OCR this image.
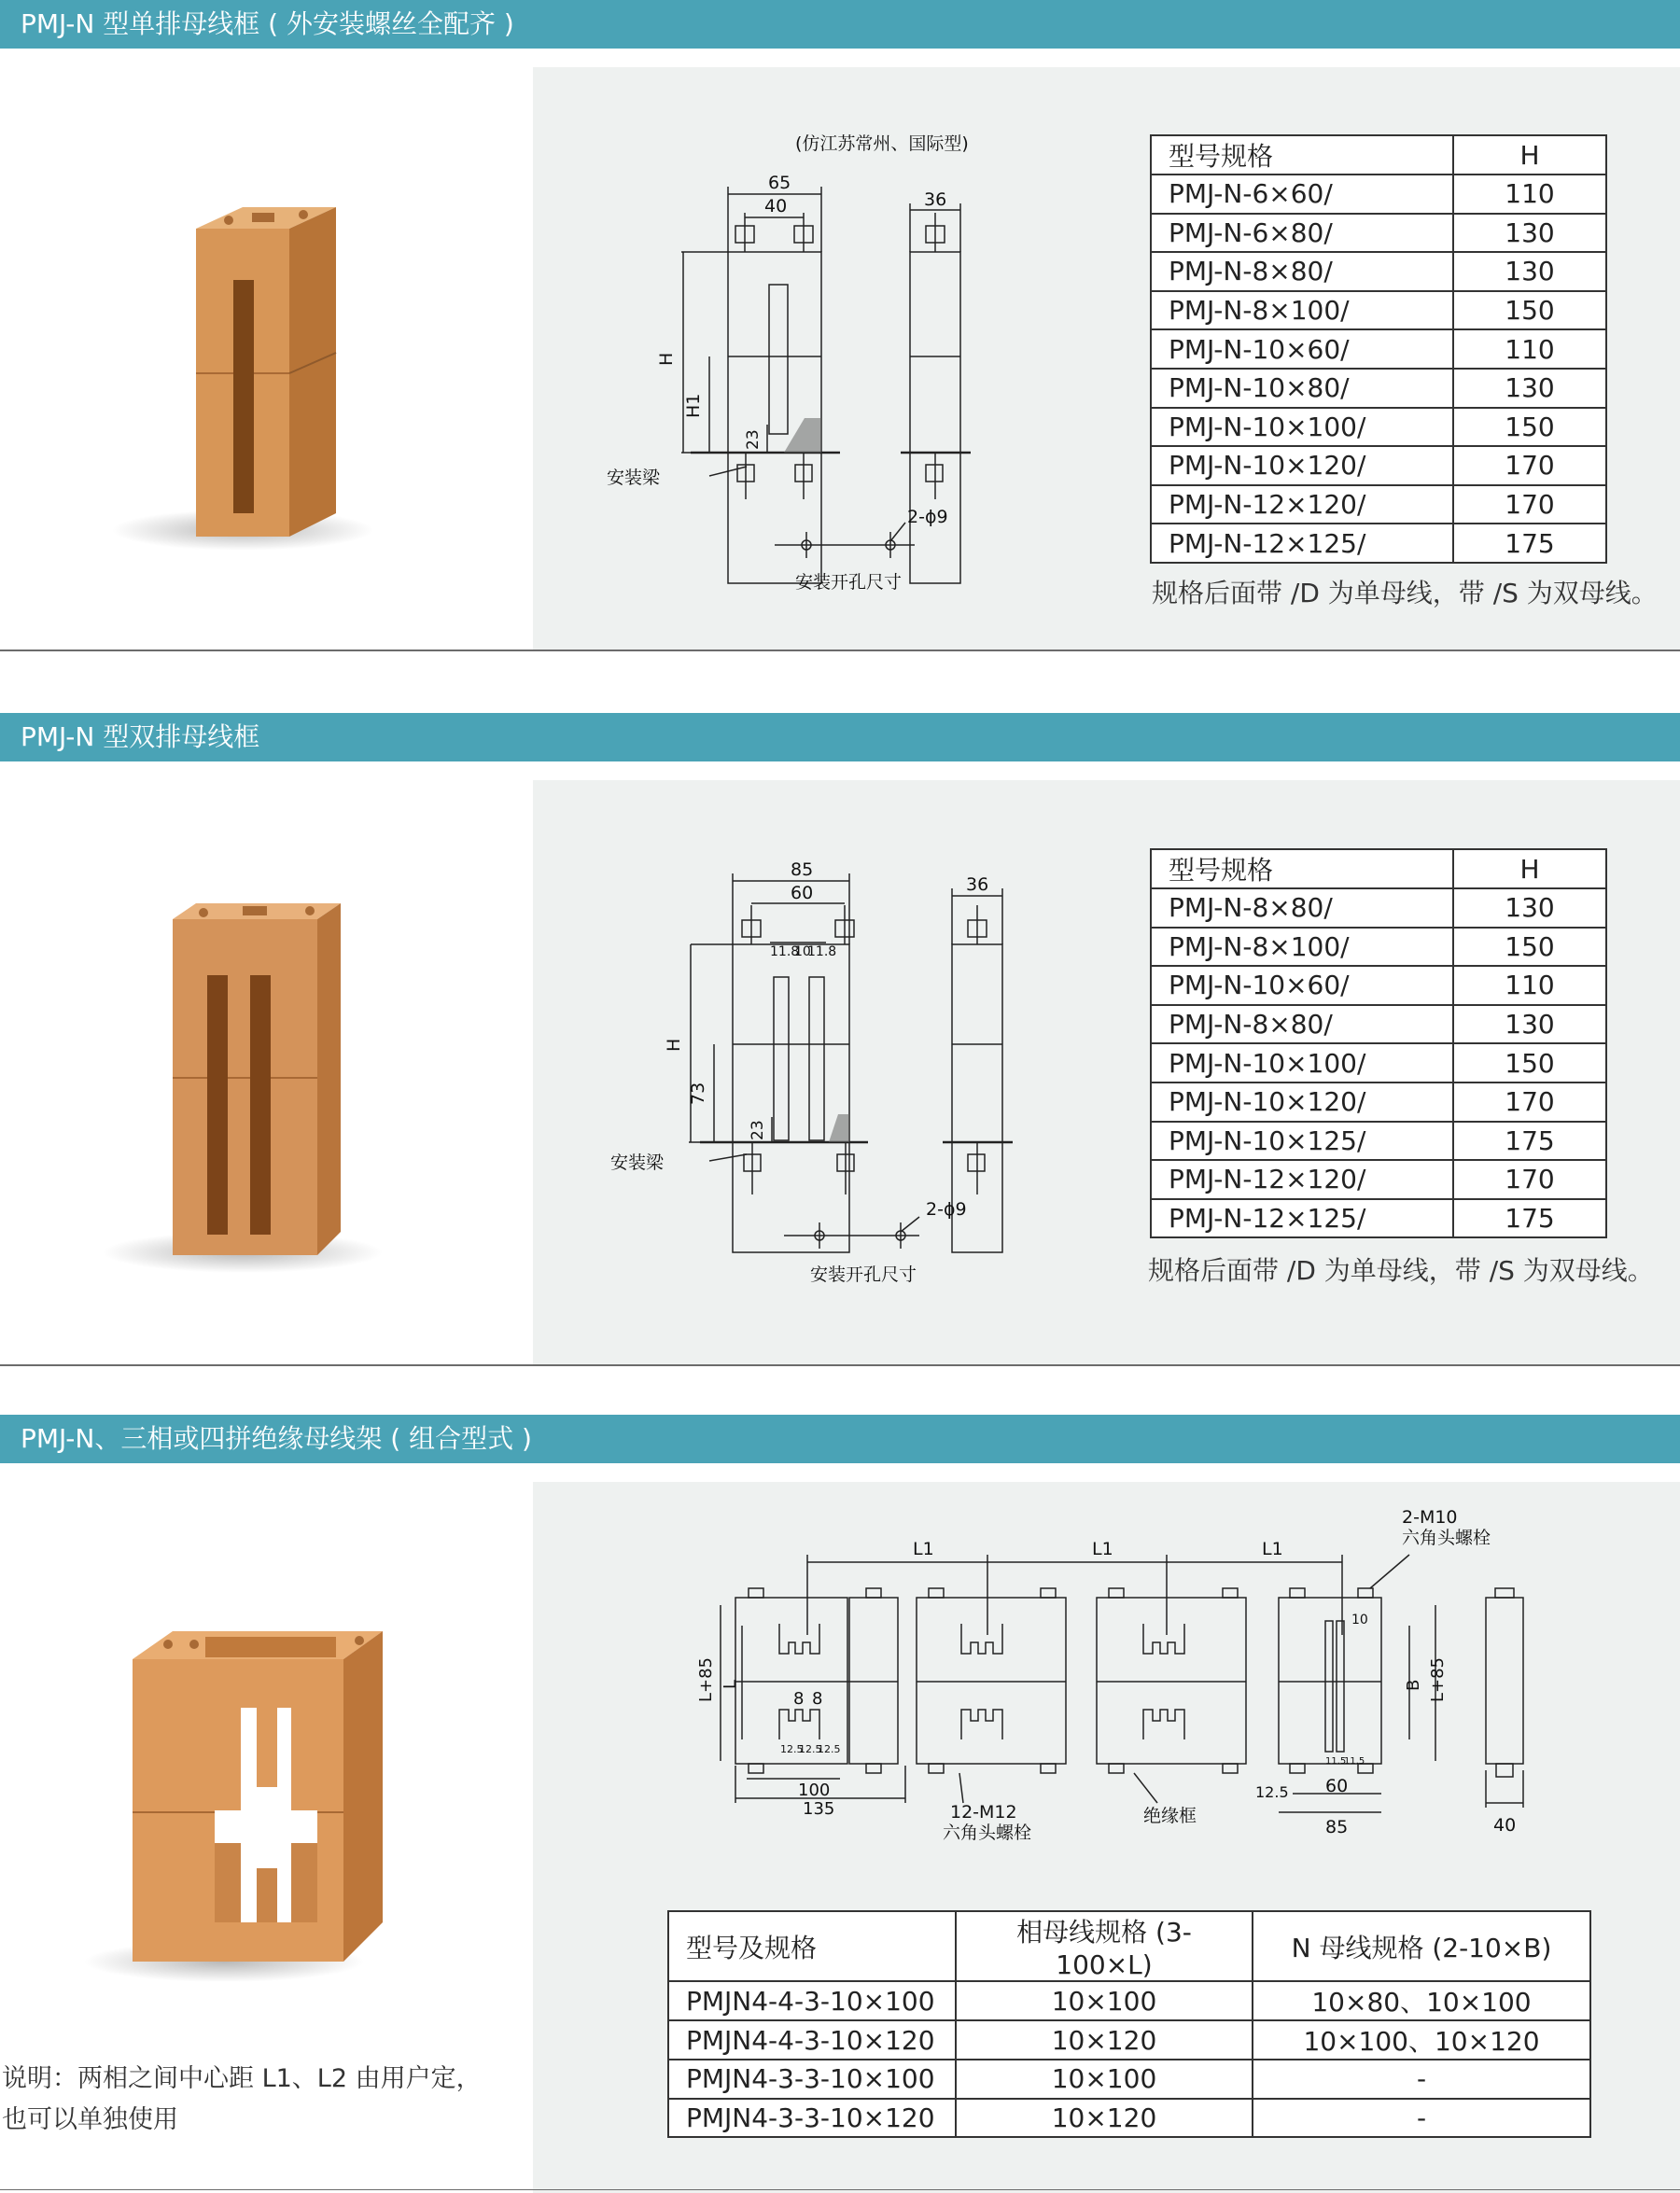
PMJ-N 型单排母线框 ( 外安装螺丝全配齐 )
(仿江苏常州、国际型)
65
40
H
H1
23
安装梁
36
2-ϕ9
安装开孔尺寸
型号规格	H
PMJ-N-6×60/	110
PMJ-N-6×80/	130
PMJ-N-8×80/	130
PMJ-N-8×100/	150
PMJ-N-10×60/	110
PMJ-N-10×80/	130
PMJ-N-10×100/	150
PMJ-N-10×120/	170
PMJ-N-12×120/	170
PMJ-N-12×125/	175
规格后面带 /D 为单母线，带 /S 为双母线。
PMJ-N 型双排母线框
85
60
11.8
10
11.8
H
73
23
安装梁
36
2-ϕ9
安装开孔尺寸
型号规格	H
PMJ-N-8×80/	130
PMJ-N-8×100/	150
PMJ-N-10×60/	110
PMJ-N-8×80/	130
PMJ-N-10×100/	150
PMJ-N-10×120/	170
PMJ-N-10×125/	175
PMJ-N-12×120/	170
PMJ-N-12×125/	175
规格后面带 /D 为单母线，带 /S 为双母线。
PMJ-N、三相或四拼绝缘母线架 ( 组合型式 )
L1	L1	L1
2-M10
六角头螺栓
L+85 L
8 8
12.5
12.5
12.5
100
135	12-M12
六角头螺栓
绝缘框
10
B L+85
11.5
11.5
12.5 60
85	40
型号及规格	相母线规格 (3-100×L)	N 母线规格 (2-10×B)
PMJN4-4-3-10×100	10×100	10×80、10×100
PMJN4-4-3-10×120	10×120	10×100、10×120
PMJN4-3-3-10×100	10×100	-
PMJN4-3-3-10×120	10×120	-
说明：两相之间中心距 L1、L2 由用户定，
也可以单独使用
